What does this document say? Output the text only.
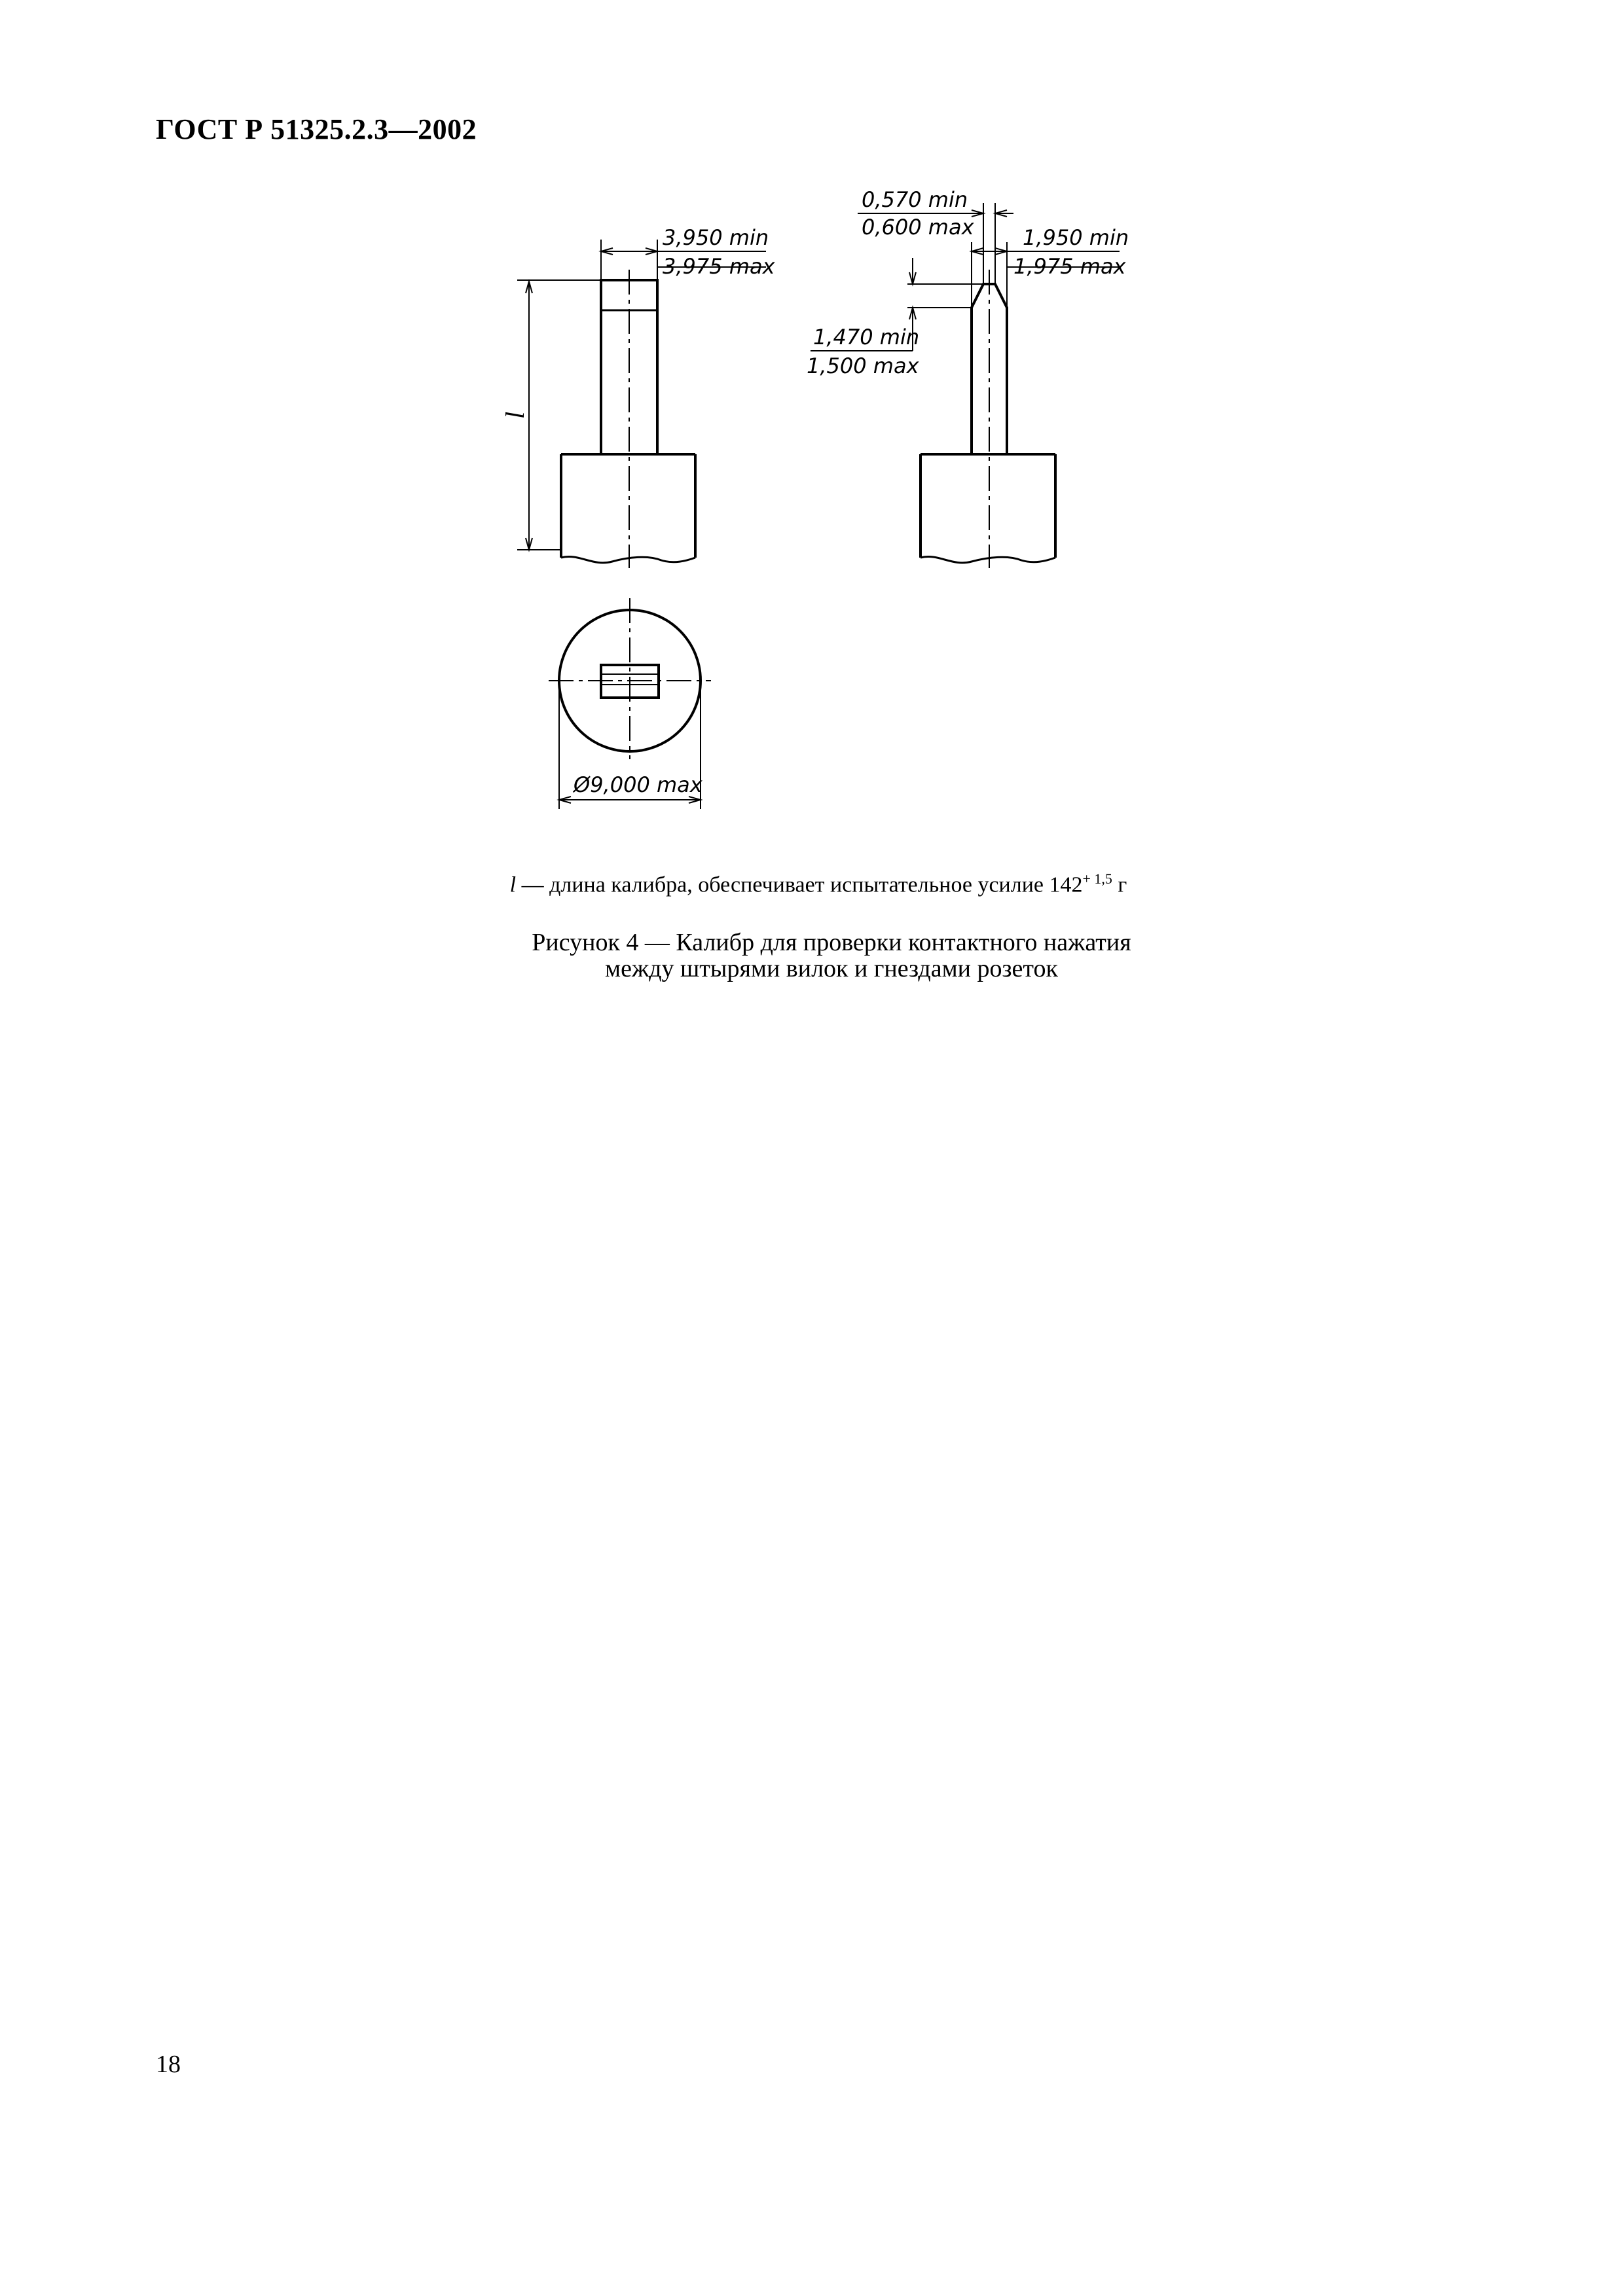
ГОСТ Р 51325.2.3—2002
l
3,950 min
3,975 max
0,570 min
0,600 max 1,950 min
1,975 max
1,470 min
1,500 max
Ø9,000 max
l — длина калибра, обеспечивает испытательное усилие $142^{+ 1,5}$ г
Рисунок 4 — Калибр для проверки контактного нажатия
между штырями вилок и гнездами розеток
18
